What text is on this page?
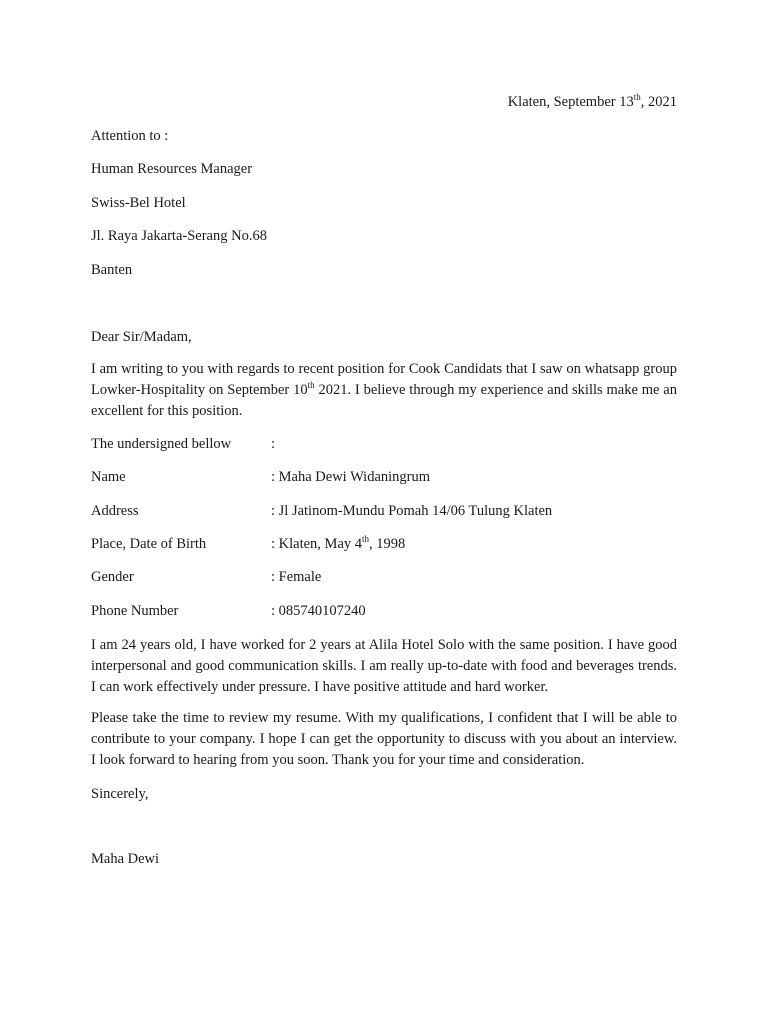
Klaten, September 13th, 2021
Attention to :
Human Resources Manager
Swiss-Bel Hotel
Jl. Raya Jakarta-Serang No.68
Banten
Dear Sir/Madam,
I am writing to you with regards to recent position for Cook Candidats that I saw on whatsapp group Lowker-Hospitality on September 10th 2021. I believe through my experience and skills make me an excellent for this position.
The undersigned bellow	:
Name	: Maha Dewi Widaningrum
Address	: Jl Jatinom-Mundu Pomah 14/06 Tulung Klaten
Place, Date of Birth	: Klaten, May 4th, 1998
Gender	: Female
Phone Number	: 085740107240
I am 24 years old, I have worked for 2 years at Alila Hotel Solo with the same position. I have good interpersonal and good communication skills. I am really up-to-date with food and beverages trends. I can work effectively under pressure. I have positive attitude and hard worker.
Please take the time to review my resume. With my qualifications, I confident that I will be able to contribute to your company. I hope I can get the opportunity to discuss with you about an interview. I look forward to hearing from you soon. Thank you for your time and consideration.
Sincerely,
Maha Dewi
